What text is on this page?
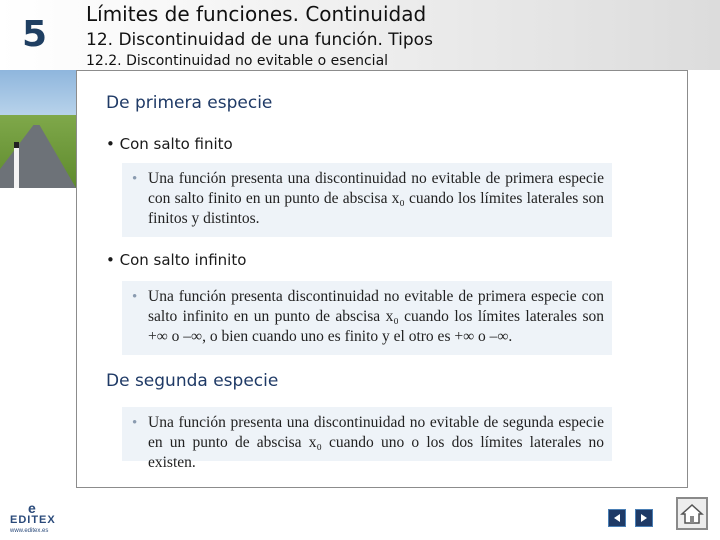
5 Límites de funciones. Continuidad
12. Discontinuidad de una función. Tipos
12.2. Discontinuidad no evitable o esencial
De primera especie
• Con salto finito
• Una función presenta una discontinuidad no evitable de primera especie con salto finito en un punto de abscisa x₀ cuando los límites laterales son finitos y distintos.
• Con salto infinito
• Una función presenta discontinuidad no evitable de primera especie con salto infinito en un punto de abscisa x₀ cuando los límites laterales son +∞ o –∞, o bien cuando uno es finito y el otro es +∞ o –∞.
De segunda especie
• Una función presenta una discontinuidad no evitable de segunda especie en un punto de abscisa x₀ cuando uno o los dos límites laterales no existen.
e
EDITEX
www.editex.es
